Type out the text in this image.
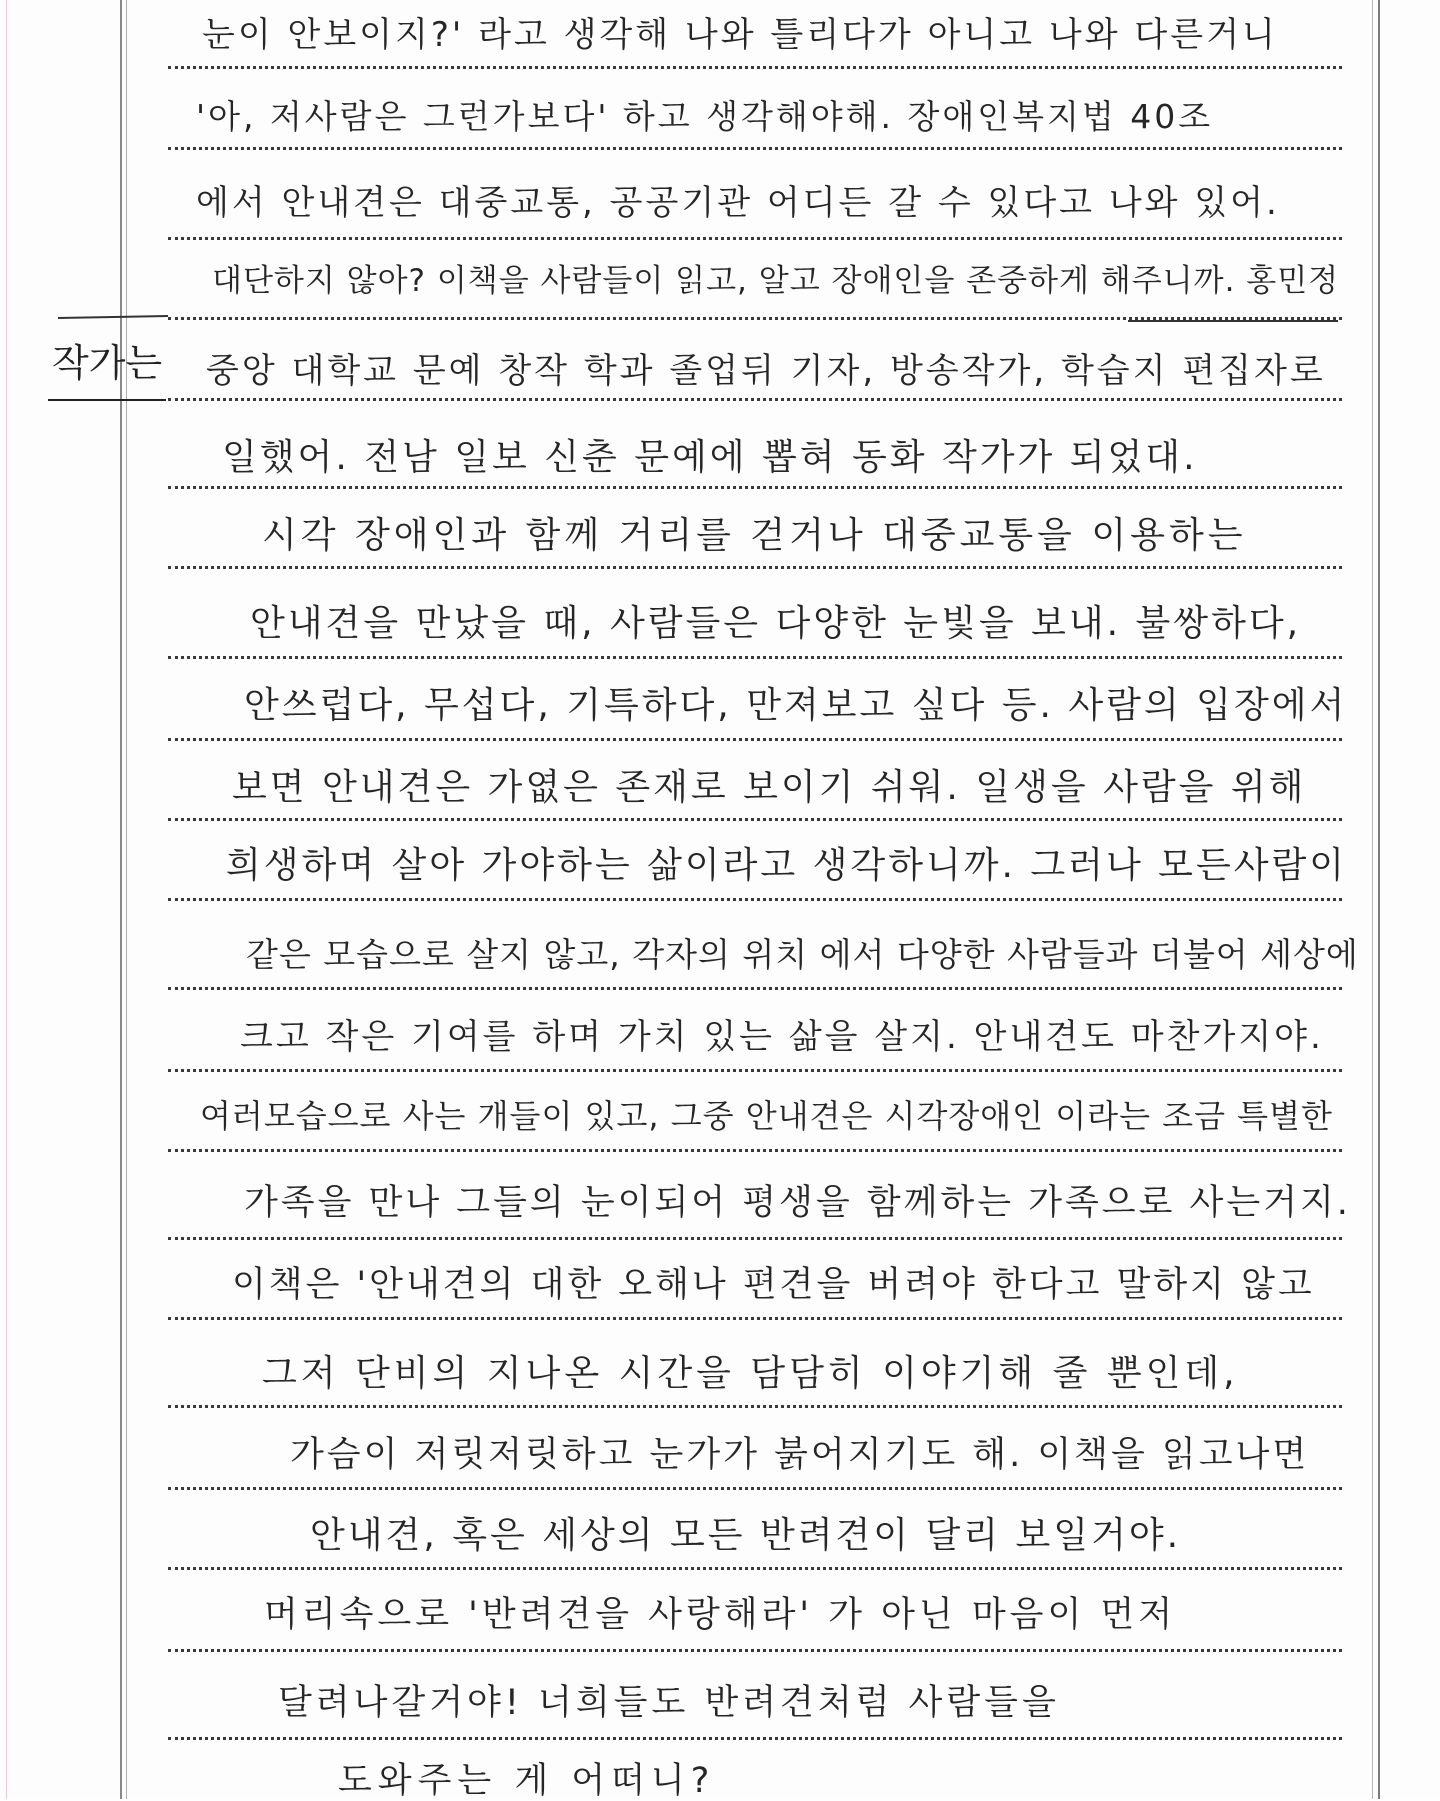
작가는
눈이 안보이지?' 라고 생각해 나와 틀리다가 아니고 나와 다른거니
'아, 저사람은 그런가보다' 하고 생각해야해. 장애인복지법 40조
에서 안내견은 대중교통, 공공기관 어디든 갈 수 있다고 나와 있어.
대단하지 않아? 이책을 사람들이 읽고, 알고 장애인을 존중하게 해주니까. 홍민정
중앙 대학교 문예 창작 학과 졸업뒤 기자, 방송작가, 학습지 편집자로
일했어. 전남 일보 신춘 문예에 뽑혀 동화 작가가 되었대.
시각 장애인과 함께 거리를 걷거나 대중교통을 이용하는
안내견을 만났을 때, 사람들은 다양한 눈빛을 보내. 불쌍하다,
안쓰럽다, 무섭다, 기특하다, 만져보고 싶다 등. 사람의 입장에서
보면 안내견은 가엾은 존재로 보이기 쉬워. 일생을 사람을 위해
희생하며 살아 가야하는 삶이라고 생각하니까. 그러나 모든사람이
같은 모습으로 살지 않고, 각자의 위치 에서 다양한 사람들과 더불어 세상에
크고 작은 기여를 하며 가치 있는 삶을 살지. 안내견도 마찬가지야.
여러모습으로 사는 개들이 있고, 그중 안내견은 시각장애인 이라는 조금 특별한
가족을 만나 그들의 눈이되어 평생을 함께하는 가족으로 사는거지.
이책은 '안내견의 대한 오해나 편견을 버려야 한다고 말하지 않고
그저 단비의 지나온 시간을 담담히 이야기해 줄 뿐인데,
가슴이 저릿저릿하고 눈가가 붉어지기도 해. 이책을 읽고나면
안내견, 혹은 세상의 모든 반려견이 달리 보일거야.
머리속으로 '반려견을 사랑해라' 가 아닌 마음이 먼저
달려나갈거야! 너희들도 반려견처럼 사람들을
도와주는 게 어떠니?
